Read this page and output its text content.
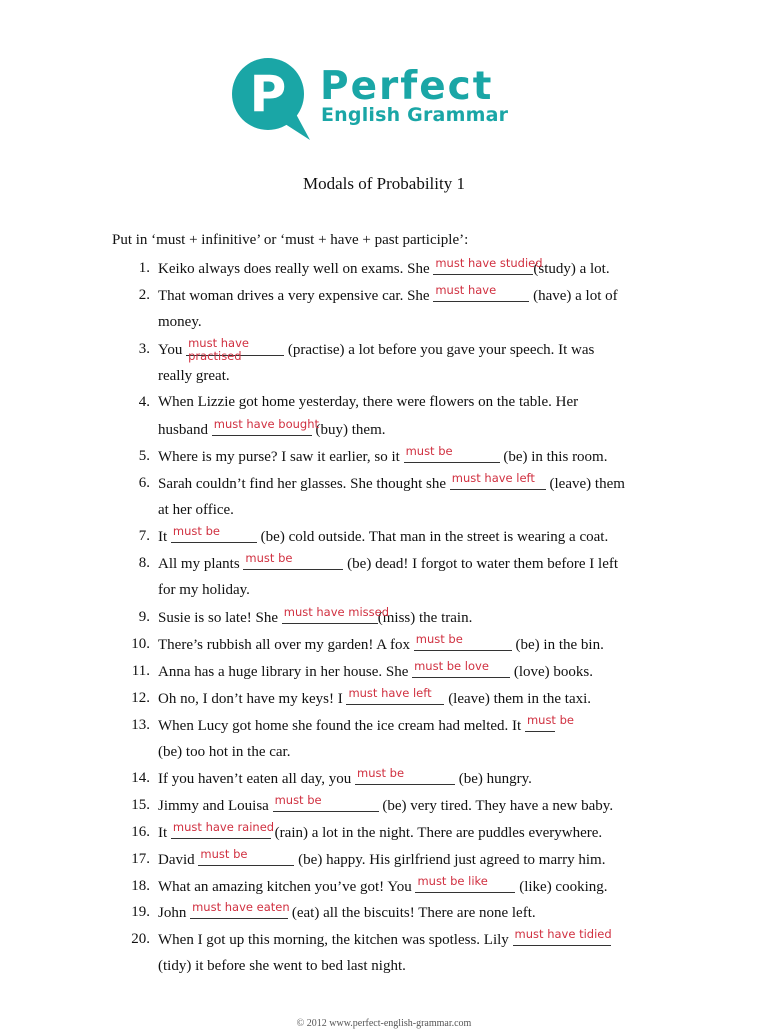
P Perfect
English Grammar
Modals of Probability 1
Put in ‘must + infinitive’ or ‘must + have + past participle’:
1. Keiko always does really well on exams. She must have studied
(study) a lot.
2. That woman drives a very expensive car. She must have (have) a lot of
money.
3. You must have practised	(practise) a lot before you gave your speech. It was
really great.
4. When Lizzie got home yesterday, there were flowers on the table. Her
husband must have bought
(buy) them.
5. Where is my purse? I saw it earlier, so it must be	(be) in this room.
6. Sarah couldn’t find her glasses. She thought she must have left (leave) them
at her office.
7. It must be (be) cold outside. That man in the street is wearing a coat.
8. All my plants must be	(be) dead! I forgot to water them before I left
for my holiday.
9. Susie is so late! She must have missed
(miss) the train.
10. There’s rubbish all over my garden! A fox must be	(be) in the bin.
11. Anna has a huge library in her house. She must be love (love) books.
12. Oh no, I don’t have my keys! I must have left (leave) them in the taxi.
13. When Lucy got home she found the ice cream had melted. It must be
(be) too hot in the car.
14. If you haven’t eaten all day, you must be	(be) hungry.
15. Jimmy and Louisa must be	(be) very tired. They have a new baby.
16. It must have rained
(rain) a lot in the night. There are puddles everywhere.
17. David must be	(be) happy. His girlfriend just agreed to marry him.
18. What an amazing kitchen you’ve got! You must be like (like) cooking.
19. John must have eaten
(eat) all the biscuits! There are none left.
20. When I got up this morning, the kitchen was spotless. Lily must have tidied
(tidy) it before she went to bed last night.
© 2012 www.perfect-english-grammar.com
